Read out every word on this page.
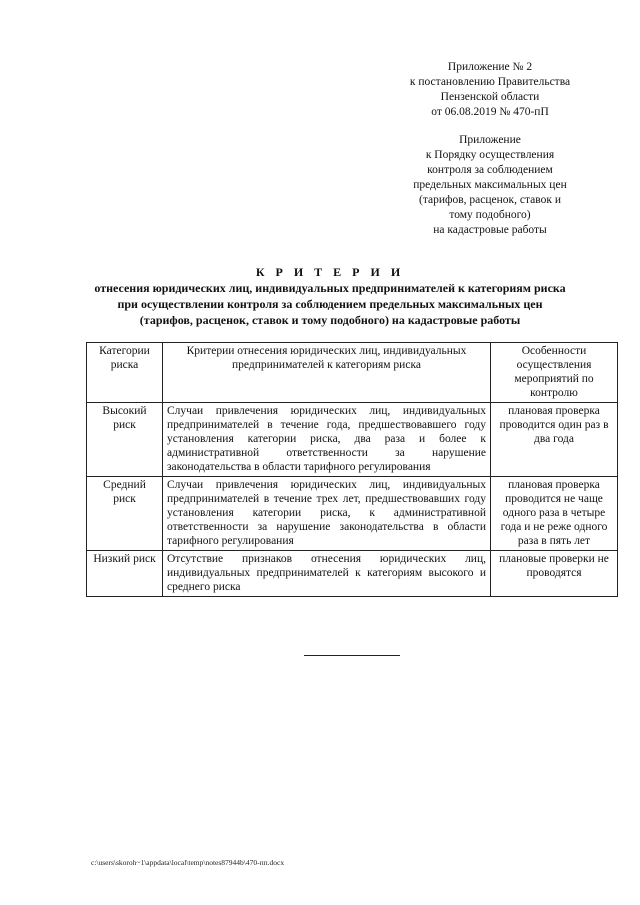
Приложение № 2
к постановлению Правительства
Пензенской области
от 06.08.2019 № 470-пП
Приложение
к Порядку осуществления
контроля за соблюдением
предельных максимальных цен
(тарифов, расценок, ставок и
тому подобного)
на кадастровые работы
К Р И Т Е Р И И
отнесения юридических лиц, индивидуальных предпринимателей к категориям риска
при осуществлении контроля за соблюдением предельных максимальных цен
(тарифов, расценок, ставок и тому подобного) на кадастровые работы
Категории риска	Критерии отнесения юридических лиц, индивидуальных предпринимателей к категориям риска	Особенности осуществления мероприятий по контролю
Высокий риск	Случаи привлечения юридических лиц, индивидуальных предпринимателей в течение года, предшествовавшего году установления категории риска, два раза и более к административной ответственности за нарушение законодательства в области тарифного регулирования	плановая проверка проводится один раз в два года
Средний риск	Случаи привлечения юридических лиц, индивидуальных предпринимателей в течение трех лет, предшествовавших году установления категории риска, к административной ответственности за нарушение законодательства в области тарифного регулирования	плановая проверка проводится не чаще одного раза в четыре года и не реже одного раза в пять лет
Низкий риск	Отсутствие признаков отнесения юридических лиц, индивидуальных предпринимателей к категориям высокого и среднего риска	плановые проверки не проводятся
c:\users\skoroh~1\appdata\local\temp\notes87944b\470-пп.docx
